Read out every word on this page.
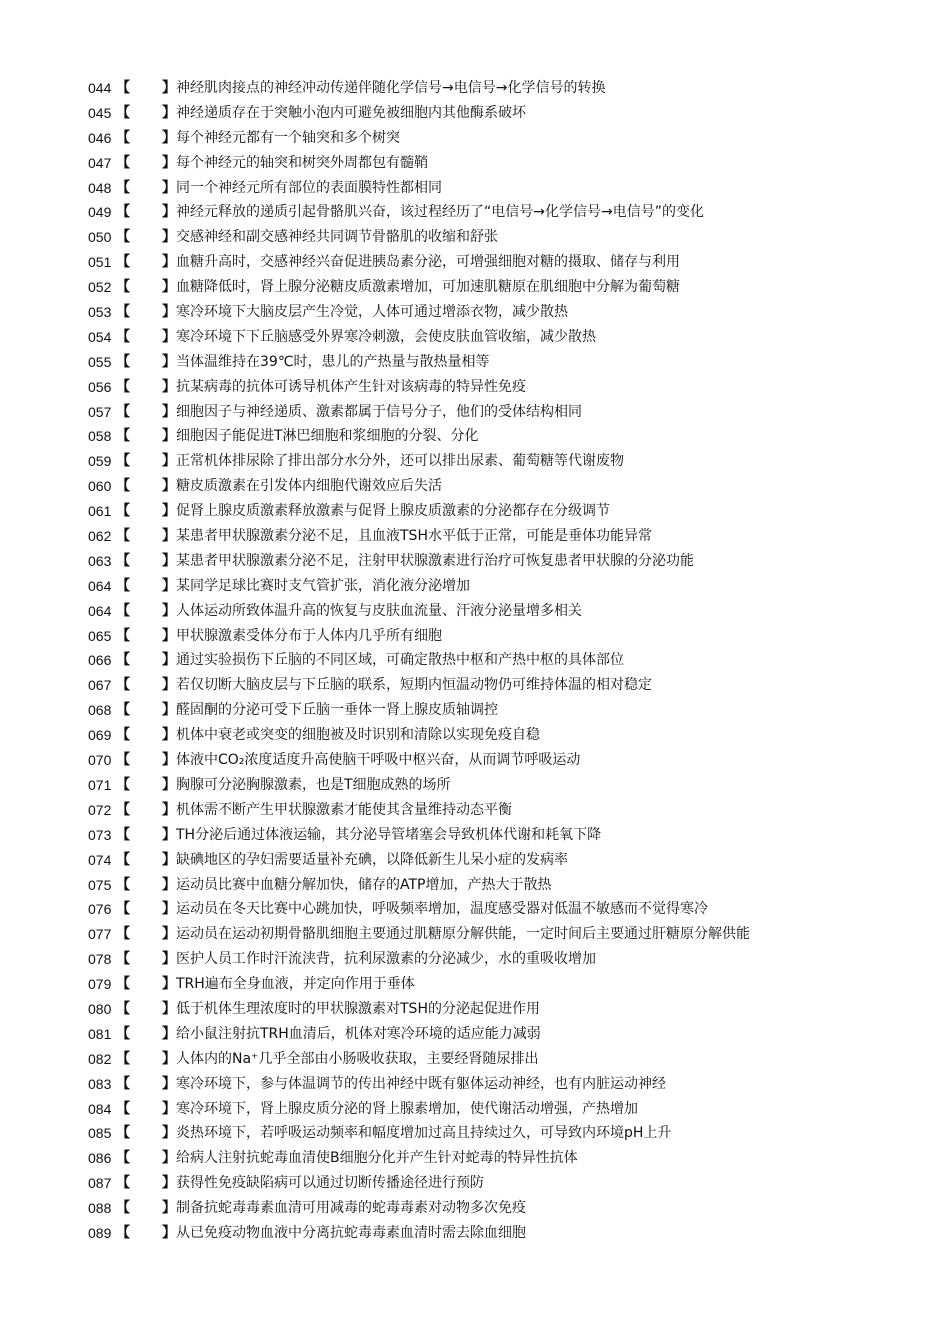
044 【 】 神经肌肉接点的神经冲动传递伴随化学信号→电信号→化学信号的转换
045 【 】 神经递质存在于突触小泡内可避免被细胞内其他酶系破坏
046 【 】 每个神经元都有一个轴突和多个树突
047 【 】 每个神经元的轴突和树突外周都包有髓鞘
048 【 】 同一个神经元所有部位的表面膜特性都相同
049 【 】 神经元释放的递质引起骨骼肌兴奋，该过程经历了“电信号→化学信号→电信号”的变化
050 【 】 交感神经和副交感神经共同调节骨骼肌的收缩和舒张
051 【 】 血糖升高时，交感神经兴奋促进胰岛素分泌，可增强细胞对糖的摄取、储存与利用
052 【 】 血糖降低时，肾上腺分泌糖皮质激素增加，可加速肌糖原在肌细胞中分解为葡萄糖
053 【 】 寒冷环境下大脑皮层产生冷觉，人体可通过增添衣物，减少散热
054 【 】 寒冷环境下下丘脑感受外界寒冷刺激，会使皮肤血管收缩，减少散热
055 【 】 当体温维持在39℃时，患儿的产热量与散热量相等
056 【 】 抗某病毒的抗体可诱导机体产生针对该病毒的特异性免疫
057 【 】 细胞因子与神经递质、激素都属于信号分子，他们的受体结构相同
058 【 】 细胞因子能促进T淋巴细胞和浆细胞的分裂、分化
059 【 】 正常机体排尿除了排出部分水分外，还可以排出尿素、葡萄糖等代谢废物
060 【 】 糖皮质激素在引发体内细胞代谢效应后失活
061 【 】 促肾上腺皮质激素释放激素与促肾上腺皮质激素的分泌都存在分级调节
062 【 】 某患者甲状腺激素分泌不足，且血液TSH水平低于正常，可能是垂体功能异常
063 【 】 某患者甲状腺激素分泌不足，注射甲状腺激素进行治疗可恢复患者甲状腺的分泌功能
064 【 】 某同学足球比赛时支气管扩张，消化液分泌增加
064 【 】 人体运动所致体温升高的恢复与皮肤血流量、汗液分泌量增多相关
065 【 】 甲状腺激素受体分布于人体内几乎所有细胞
066 【 】 通过实验损伤下丘脑的不同区域，可确定散热中枢和产热中枢的具体部位
067 【 】 若仅切断大脑皮层与下丘脑的联系，短期内恒温动物仍可维持体温的相对稳定
068 【 】 醛固酮的分泌可受下丘脑一垂体一肾上腺皮质轴调控
069 【 】 机体中衰老或突变的细胞被及时识别和清除以实现免疫自稳
070 【 】 体液中CO₂浓度适度升高使脑干呼吸中枢兴奋，从而调节呼吸运动
071 【 】 胸腺可分泌胸腺激素，也是T细胞成熟的场所
072 【 】 机体需不断产生甲状腺激素才能使其含量维持动态平衡
073 【 】 TH分泌后通过体液运输，其分泌导管堵塞会导致机体代谢和耗氧下降
074 【 】 缺碘地区的孕妇需要适量补充碘，以降低新生儿呆小症的发病率
075 【 】 运动员比赛中血糖分解加快，储存的ATP增加，产热大于散热
076 【 】 运动员在冬天比赛中心跳加快，呼吸频率增加，温度感受器对低温不敏感而不觉得寒冷
077 【 】 运动员在运动初期骨骼肌细胞主要通过肌糖原分解供能，一定时间后主要通过肝糖原分解供能
078 【 】 医护人员工作时汗流浃背，抗利尿激素的分泌减少，水的重吸收增加
079 【 】 TRH遍布全身血液，并定向作用于垂体
080 【 】 低于机体生理浓度时的甲状腺激素对TSH的分泌起促进作用
081 【 】 给小鼠注射抗TRH血清后，机体对寒冷环境的适应能力减弱
082 【 】 人体内的Na⁺几乎全部由小肠吸收获取，主要经肾随尿排出
083 【 】 寒冷环境下，参与体温调节的传出神经中既有躯体运动神经，也有内脏运动神经
084 【 】 寒冷环境下，肾上腺皮质分泌的肾上腺素增加，使代谢活动增强，产热增加
085 【 】 炎热环境下，若呼吸运动频率和幅度增加过高且持续过久，可导致内环境pH上升
086 【 】 给病人注射抗蛇毒血清使B细胞分化并产生针对蛇毒的特异性抗体
087 【 】 获得性免疫缺陷病可以通过切断传播途径进行预防
088 【 】 制备抗蛇毒毒素血清可用减毒的蛇毒毒素对动物多次免疫
089 【 】 从已免疫动物血液中分离抗蛇毒毒素血清时需去除血细胞
